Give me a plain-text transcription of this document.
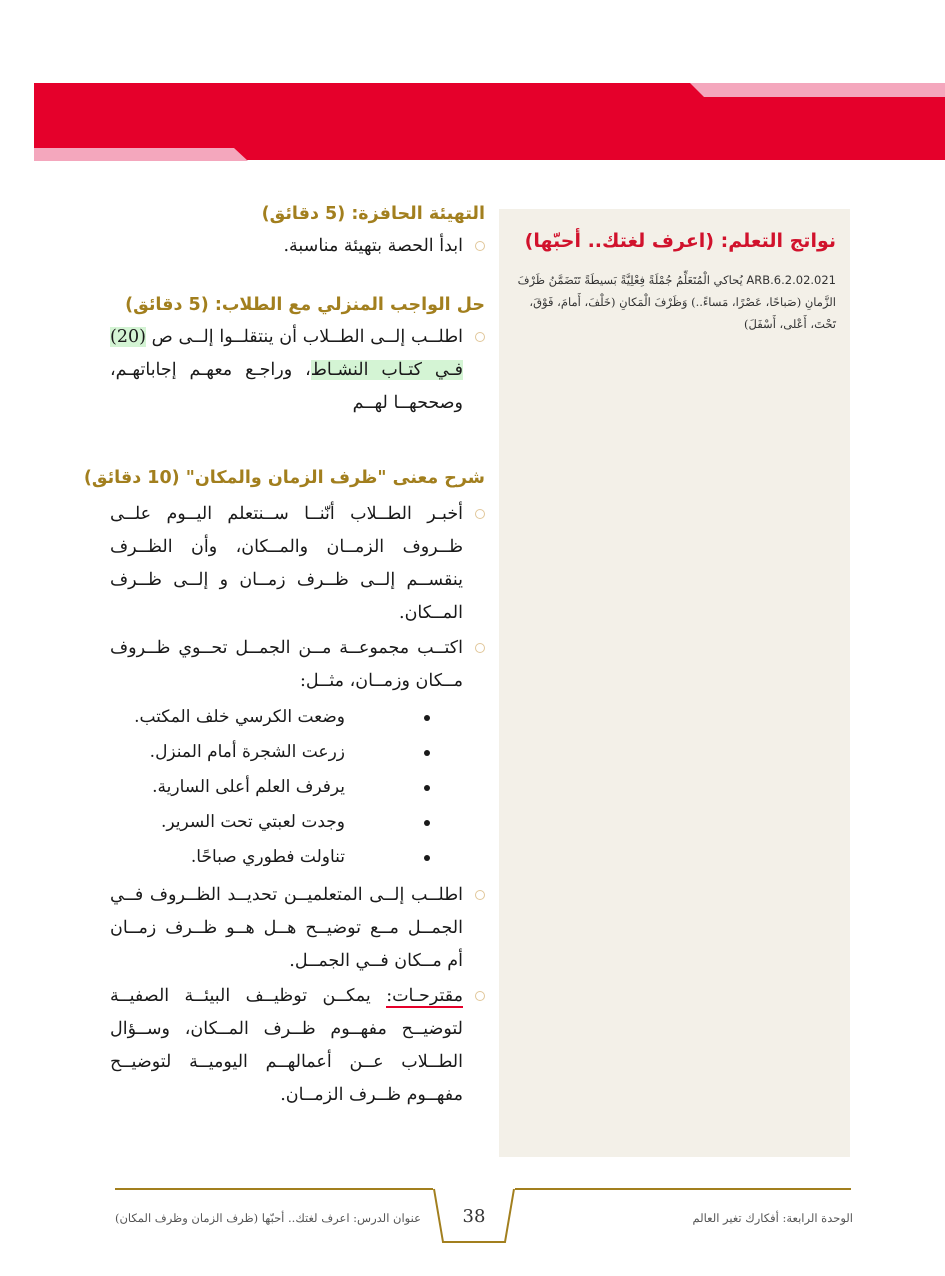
نواتج التعلم: (اعرف لغتك.. أحبّها)
ARB.6.2.02.021 يُحاكي الْمُتَعَلِّمُ جُمْلَةً فِعْلِيَّةً بَسيطَةً تَتَضَمَّنُ ظَرْفَ الزَّمانِ (صَباحًا، عَصْرًا، مَساءً..) وَظَرْفَ الْمَكانِ (خَلْفَ، أَمامَ، فَوْقَ، تَحْتَ، أَعْلى، أَسْفَلَ)
التهيئة الحافزة: (5 دقائق)
ابدأ الحصة بتهيئة مناسبة.
حل الواجب المنزلي مع الطلاب: (5 دقائق)
اطلــب إلــى الطــلاب أن ينتقلــوا إلــى ص (20) فـي كتـاب النشـاط، وراجـع معهـم إجاباتهـم، وصححهــا لهــم
شرح معنى "ظرف الزمان والمكان" (10 دقائق)
أخبـر الطــلاب أنّنــا ســنتعلم اليــوم علــى ظــروف الزمــان والمــكان، وأن الظــرف ينقســم إلــى ظــرف زمــان و إلــى ظــرف المــكان.
اكتــب مجموعــة مــن الجمــل تحــوي ظــروف مــكان وزمــان، مثــل:
وضعت الكرسي خلف المكتب.
زرعت الشجرة أمام المنزل.
يرفرف العلم أعلى السارية.
وجدت لعبتي تحت السرير.
تناولت فطوري صباحًا.
اطلــب إلــى المتعلميــن تحديــد الظــروف فــي الجمــل مــع توضيــح هــل هــو ظــرف زمــان أم مــكان فــي الجمــل.
مقترحـات: يمكــن توظيــف البيئــة الصفيــة لتوضيــح مفهــوم ظــرف المــكان، وســؤال الطــلاب عــن أعمالهــم اليوميــة لتوضيــح مفهــوم ظــرف الزمــان.
38	الوحدة الرابعة: أفكارك تغير العالم
عنوان الدرس: اعرف لغتك.. أحبّها (ظرف الزمان وظرف المكان)
